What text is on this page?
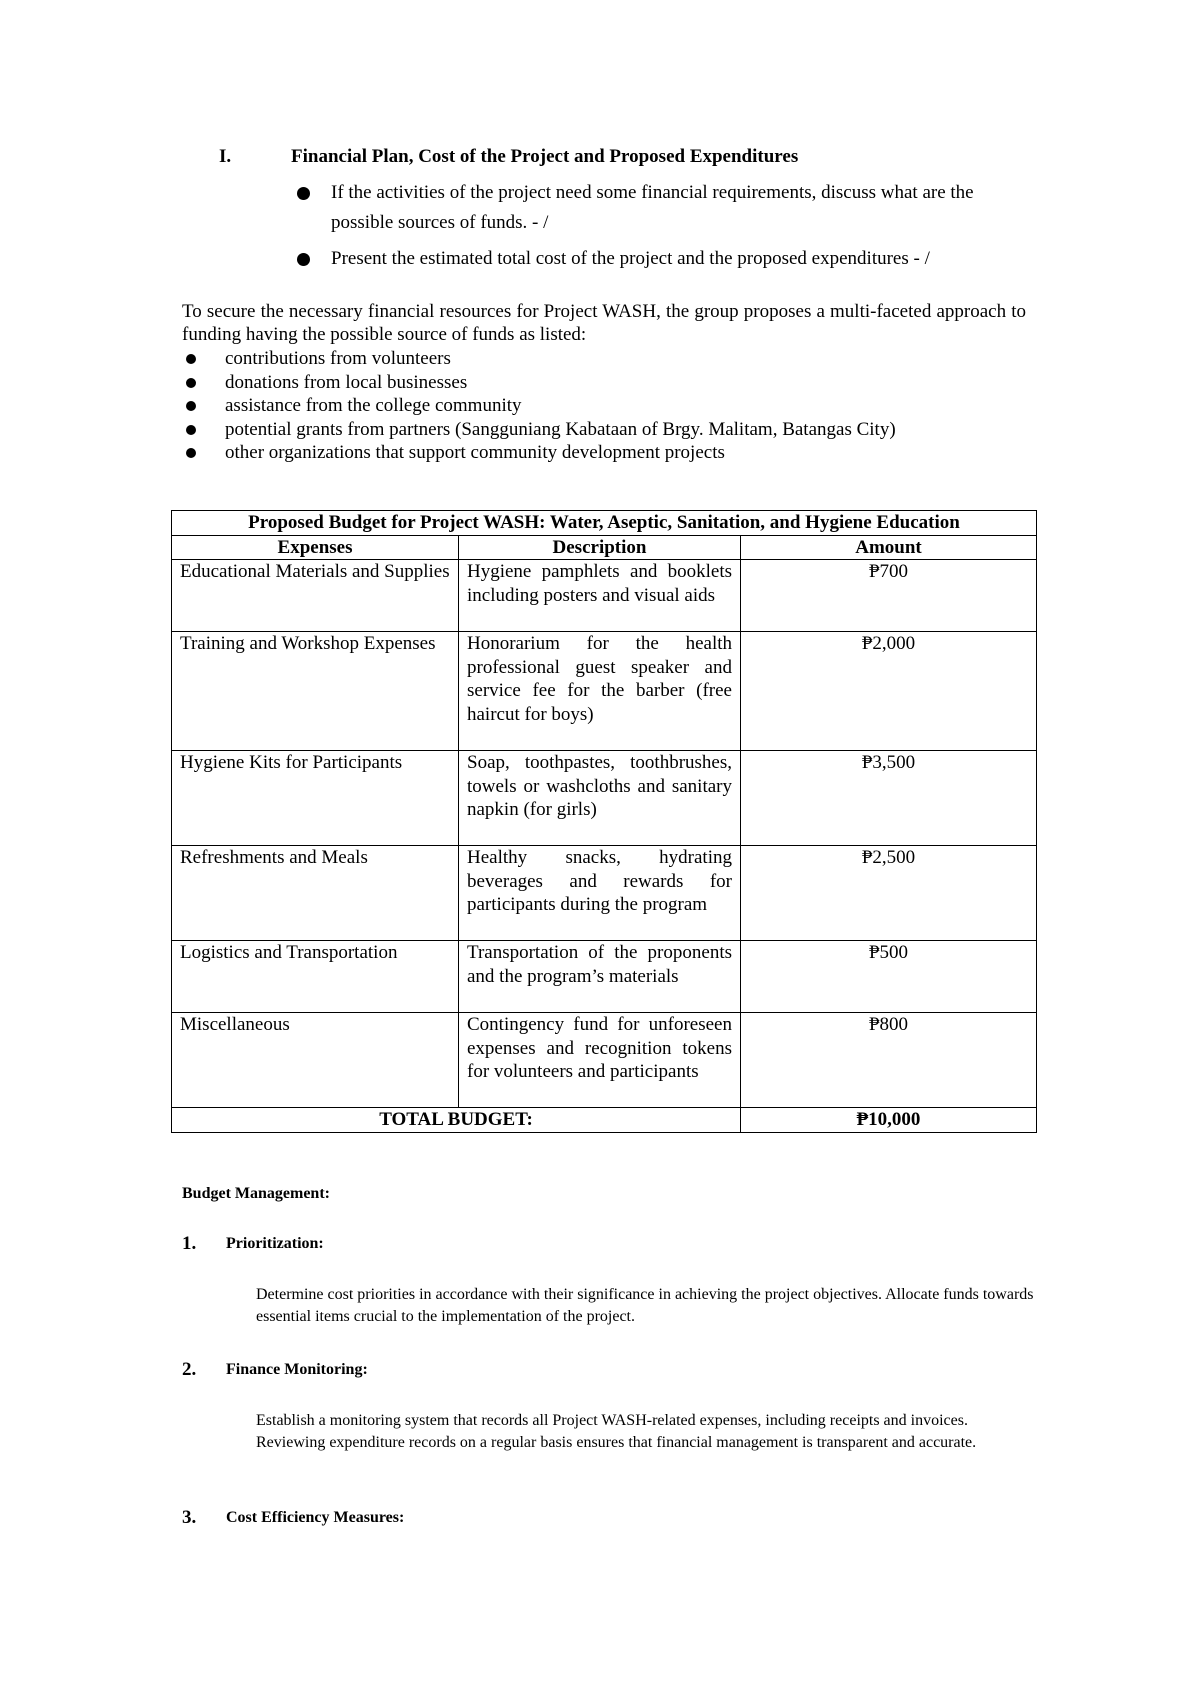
I.	Financial Plan, Cost of the Project and Proposed Expenditures
If the activities of the project need some financial requirements, discuss what are the possible sources of funds. - /
Present the estimated total cost of the project and the proposed expenditures - /

To secure the necessary financial resources for Project WASH, the group proposes a multi-faceted approach to funding having the possible source of funds as listed:

contributions from volunteers
donations from local businesses
assistance from the college community
potential grants from partners (Sangguniang Kabataan of Brgy. Malitam, Batangas City)
other organizations that support community development projects
Proposed Budget for Project WASH: Water, Aseptic, Sanitation, and Hygiene Education		
Expenses	Description	Amount
Educational Materials and Supplies	Hygiene pamphlets and booklets including posters and visual aids	₱700
Training and Workshop Expenses	Honorarium for the health professional guest speaker and service fee for the barber (free haircut for boys)	₱2,000
Hygiene Kits for Participants	Soap, toothpastes, toothbrushes, towels or washcloths and sanitary napkin (for girls)	₱3,500
Refreshments and Meals	Healthy snacks, hydrating beverages and rewards for participants during the program	₱2,500
Logistics and Transportation	Transportation of the proponents and the program’s materials	₱500
Miscellaneous	Contingency fund for unforeseen expenses and recognition tokens for volunteers and participants	₱800
TOTAL BUDGET:		₱10,000
Budget Management:
1. Prioritization:

Determine cost priorities in accordance with their significance in achieving the project objectives. Allocate funds towards essential items crucial to the implementation of the project.

2. Finance Monitoring:

Establish a monitoring system that records all Project WASH-related expenses, including receipts and invoices. Reviewing expenditure records on a regular basis ensures that financial management is transparent and accurate.

3. Cost Efficiency Measures:
